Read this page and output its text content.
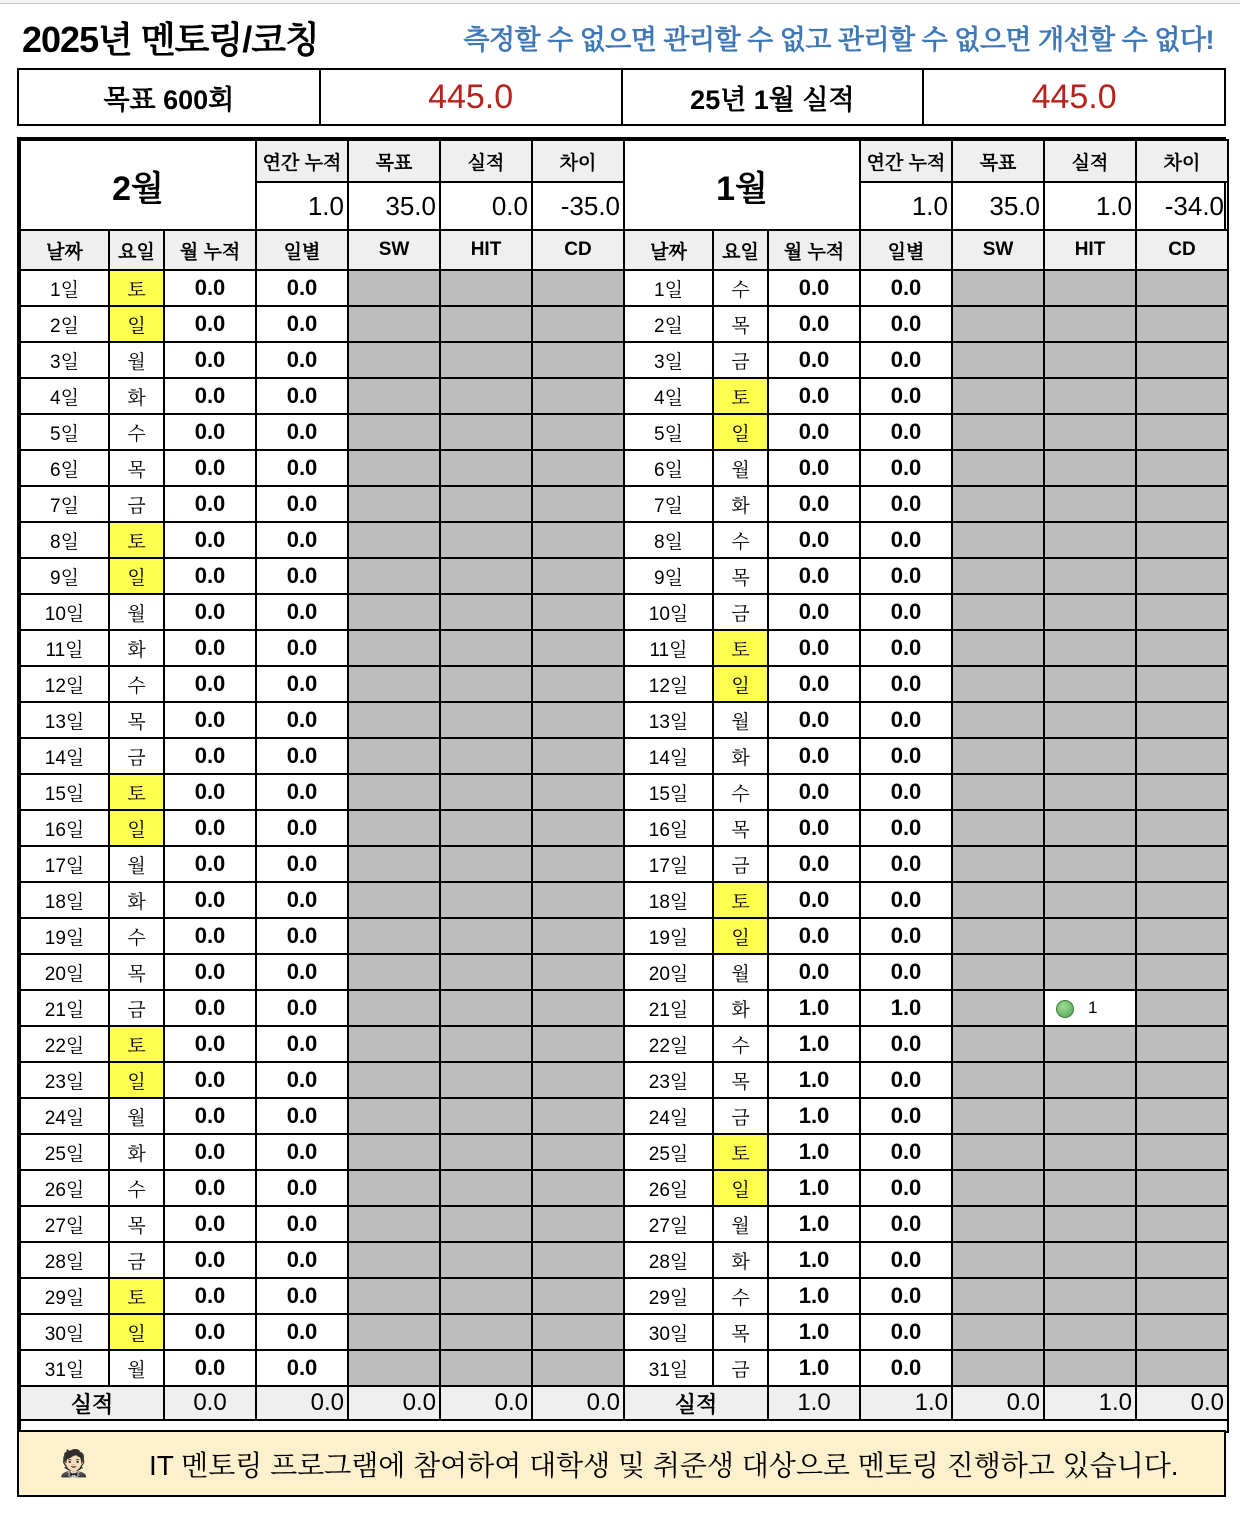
2025년 멘토링/코칭	측정할 수 없으면 관리할 수 없고 관리할 수 없으면 개선할 수 없다!
목표 600회	445.0	25년 1월 실적	445.0
2월			연간 누적	목표	실적	차이	1월			연간 누적	목표	실적	차이
			1.0	35.0	0.0	-35.0				1.0	35.0	1.0	-34.0
날짜	요일	월 누적	일별	SW	HIT	CD	날짜	요일	월 누적	일별	SW	HIT	CD
1일	토	0.0	0.0				1일	수	0.0	0.0			
2일	일	0.0	0.0				2일	목	0.0	0.0			
3일	월	0.0	0.0				3일	금	0.0	0.0			
4일	화	0.0	0.0				4일	토	0.0	0.0			
5일	수	0.0	0.0				5일	일	0.0	0.0			
6일	목	0.0	0.0				6일	월	0.0	0.0			
7일	금	0.0	0.0				7일	화	0.0	0.0			
8일	토	0.0	0.0				8일	수	0.0	0.0			
9일	일	0.0	0.0				9일	목	0.0	0.0			
10일	월	0.0	0.0				10일	금	0.0	0.0			
11일	화	0.0	0.0				11일	토	0.0	0.0			
12일	수	0.0	0.0				12일	일	0.0	0.0			
13일	목	0.0	0.0				13일	월	0.0	0.0			
14일	금	0.0	0.0				14일	화	0.0	0.0			
15일	토	0.0	0.0				15일	수	0.0	0.0			
16일	일	0.0	0.0				16일	목	0.0	0.0			
17일	월	0.0	0.0				17일	금	0.0	0.0			
18일	화	0.0	0.0				18일	토	0.0	0.0			
19일	수	0.0	0.0				19일	일	0.0	0.0			
20일	목	0.0	0.0				20일	월	0.0	0.0			
21일	금	0.0	0.0				21일	화	1.0	1.0		1	
22일	토	0.0	0.0				22일	수	1.0	0.0			
23일	일	0.0	0.0				23일	목	1.0	0.0			
24일	월	0.0	0.0				24일	금	1.0	0.0			
25일	화	0.0	0.0				25일	토	1.0	0.0			
26일	수	0.0	0.0				26일	일	1.0	0.0			
27일	목	0.0	0.0				27일	월	1.0	0.0			
28일	금	0.0	0.0				28일	화	1.0	0.0			
29일	토	0.0	0.0				29일	수	1.0	0.0			
30일	일	0.0	0.0				30일	목	1.0	0.0			
31일	월	0.0	0.0				31일	금	1.0	0.0			
실적		0.0	0.0	0.0	0.0	0.0	실적		1.0	1.0	0.0	1.0	0.0

🤵🏻	IT 멘토링 프로그램에 참여하여 대학생 및 취준생 대상으로 멘토링 진행하고 있습니다.
